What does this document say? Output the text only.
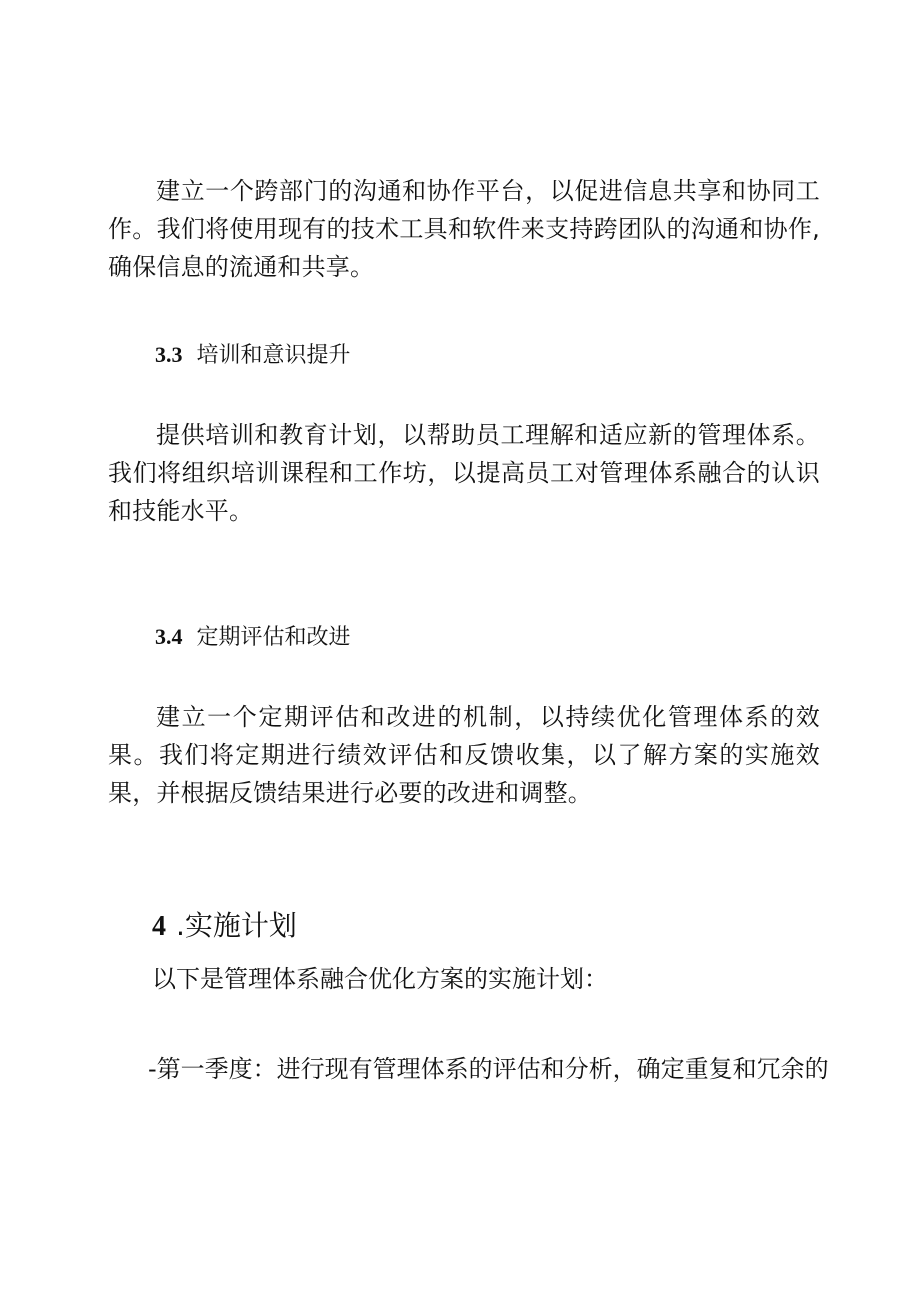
建立一个跨部门的沟通和协作平台，以促进信息共享和协同工作。我们将使用现有的技术工具和软件来支持跨团队的沟通和协作,确保信息的流通和共享。

3.3 培训和意识提升

提供培训和教育计划，以帮助员工理解和适应新的管理体系。我们将组织培训课程和工作坊，以提高员工对管理体系融合的认识和技能水平。

3.4 定期评估和改进

建立一个定期评估和改进的机制，以持续优化管理体系的效果。我们将定期进行绩效评估和反馈收集，以了解方案的实施效果，并根据反馈结果进行必要的改进和调整。

4 .实施计划

以下是管理体系融合优化方案的实施计划：

-第一季度：进行现有管理体系的评估和分析，确定重复和冗余的
